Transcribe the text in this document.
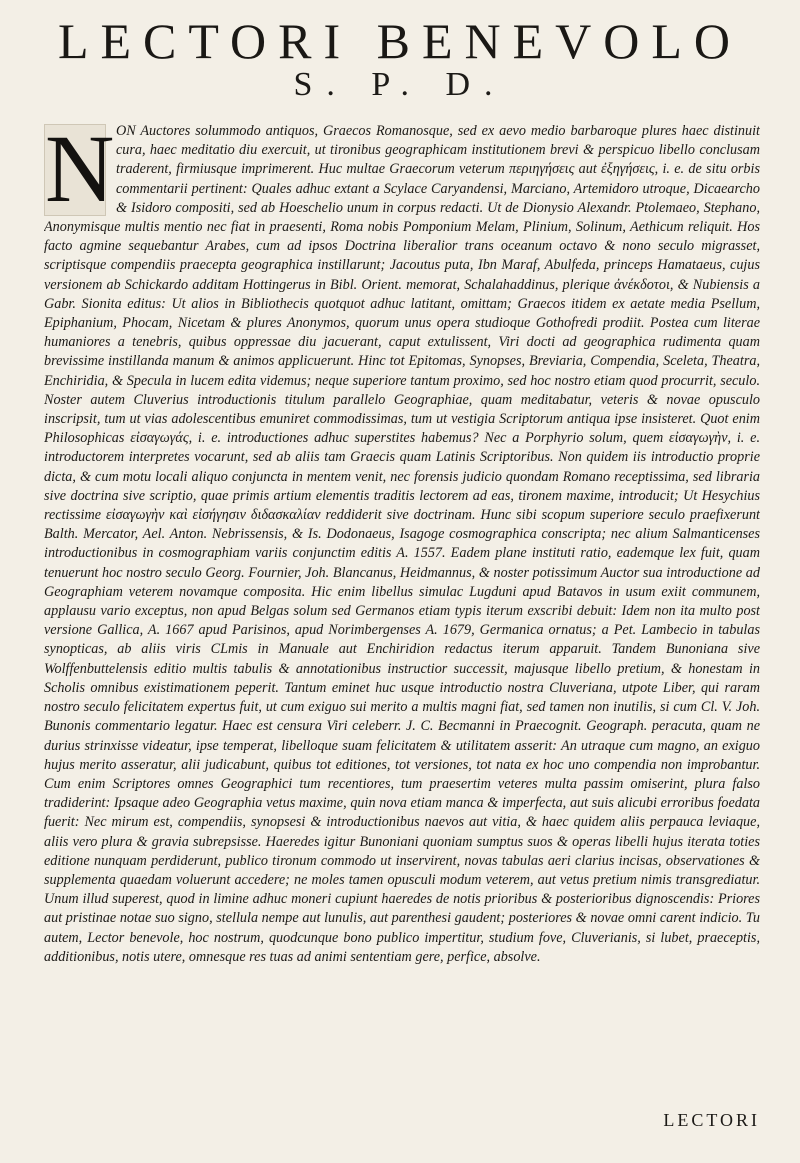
LECTORI BENEVOLO
S. P. D.
N ON Auctores solummodo antiquos, Graecos Romanosque, sed ex aevo medio barbaroque plures haec distinuit cura, haec meditatio diu exercuit, ut tironibus geographicam institutionem brevi & perspicuo libello conclusam traderent, firmiusque imprimerent. Huc multae Graecorum veterum περιηγήσεις aut ἐξηγήσεις, i. e. de situ orbis commentarii pertinent: Quales adhuc extant a Scylace Caryandensi, Marciano, Artemidoro utroque, Dicaearcho & Isidoro compositi, sed ab Hoeschelio unum in corpus redacti. Ut de Dionysio Alexandr. Ptolemaeo, Stephano, Anonymisque multis mentio nec fiat in praesenti, Roma nobis Pomponium Melam, Plinium, Solinum, Aethicum reliquit. Hos facto agmine sequebantur Arabes, cum ad ipsos Doctrina liberalior trans oceanum octavo & nono seculo migrasset, scriptisque compendiis praecepta geographica instillarunt; Jacoutus puta, Ibn Maraf, Abulfeda, princeps Hamataeus, cujus versionem ab Schickardo additam Hottingerus in Bibl. Orient. memorat, Schalahaddinus, plerique ἀνέκδοτοι, & Nubiensis a Gabr. Sionita editus: Ut alios in Bibliothecis quotquot adhuc latitant, omittam; Graecos itidem ex aetate media Psellum, Epiphanium, Phocam, Nicetam & plures Anonymos, quorum unus opera studioque Gothofredi prodiit. Postea cum literae humaniores a tenebris, quibus oppressae diu jacuerant, caput extulissent, Viri docti ad geographica rudimenta quam brevissime instillanda manum & animos applicuerunt. Hinc tot Epitomas, Synopses, Breviaria, Compendia, Sceleta, Theatra, Enchiridia, & Specula in lucem edita videmus; neque superiore tantum proximo, sed hoc nostro etiam quod procurrit, seculo. Noster autem Cluverius introductionis titulum parallelo Geographiae, quam meditabatur, veteris & novae opusculo inscripsit, tum ut vias adolescentibus emuniret commodissimas, tum ut vestigia Scriptorum antiqua ipse insisteret. Quot enim Philosophicas εἰσαγωγάς, i. e. introductiones adhuc superstites habemus? Nec a Porphyrio solum, quem εἰσαγωγὴν, i. e. introductorem interpretes vocarunt, sed ab aliis tam Graecis quam Latinis Scriptoribus. Non quidem iis introductio proprie dicta, & cum motu locali aliquo conjuncta in mentem venit, nec forensis judicio quondam Romano receptissima, sed libraria sive doctrina sive scriptio, quae primis artium elementis traditis lectorem ad eas, tironem maxime, introducit; Ut Hesychius rectissime εἰσαγωγὴν καὶ εἰσήγησιν διδασκαλίαν reddiderit sive doctrinam. Hunc sibi scopum superiore seculo praefixerunt Balth. Mercator, Ael. Anton. Nebrissensis, & Is. Dodonaeus, Isagoge cosmographica conscripta; nec alium Salmanticenses introductionibus in cosmographiam variis conjunctim editis A. 1557. Eadem plane instituti ratio, eademque lex fuit, quam tenuerunt hoc nostro seculo Georg. Fournier, Joh. Blancanus, Heidmannus, & noster potissimum Auctor sua introductione ad Geographiam veterem novamque composita. Hic enim libellus simulac Lugduni apud Batavos in usum exiit communem, applausu vario exceptus, non apud Belgas solum sed Germanos etiam typis iterum exscribi debuit: Idem non ita multo post versione Gallica, A. 1667 apud Parisinos, apud Norimbergenses A. 1679, Germanica ornatus; a Pet. Lambecio in tabulas synopticas, ab aliis viris CLmis in Manuale aut Enchiridion redactus iterum apparuit. Tandem Bunoniana sive Wolffenbuttelensis editio multis tabulis & annotationibus instructior successit, majusque libello pretium, & honestam in Scholis omnibus existimationem peperit. Tantum eminet huc usque introductio nostra Cluveriana, utpote Liber, qui raram nostro seculo felicitatem expertus fuit, ut cum exiguo sui merito a multis magni fiat, sed tamen non inutilis, si cum Cl. V. Joh. Bunonis commentario legatur. Haec est censura Viri celeberr. J. C. Becmanni in Praecognit. Geograph. peracuta, quam ne durius strinxisse videatur, ipse temperat, libelloque suam felicitatem & utilitatem asserit: An utraque cum magno, an exiguo hujus merito asseratur, alii judicabunt, quibus tot editiones, tot versiones, tot nata ex hoc uno compendia non improbantur. Cum enim Scriptores omnes Geographici tum recentiores, tum praesertim veteres multa passim omiserint, plura falso tradiderint: Ipsaque adeo Geographia vetus maxime, quin nova etiam manca & imperfecta, aut suis alicubi erroribus foedata fuerit: Nec mirum est, compendiis, synopsesi & introductionibus naevos aut vitia, & haec quidem aliis perpauca leviaque, aliis vero plura & gravia subrepsisse. Haeredes igitur Bunoniani quoniam sumptus suos & operas libelli hujus iterata toties editione nunquam perdiderunt, publico tironum commodo ut inservirent, novas tabulas aeri clarius incisas, observationes & supplementa quaedam voluerunt accedere; ne moles tamen opusculi modum veterem, aut vetus pretium nimis transgrediatur. Unum illud superest, quod in limine adhuc moneri cupiunt haeredes de notis prioribus & posterioribus dignoscendis: Priores aut pristinae notae suo signo, stellula nempe aut lunulis, aut parenthesi gaudent; posteriores & novae omni carent indicio. Tu autem, Lector benevole, hoc nostrum, quodcunque bono publico impertitur, studium fove, Cluverianis, si lubet, praeceptis, additionibus, notis utere, omnesque res tuas ad animi sententiam gere, perfice, absolve.
LECTORI
